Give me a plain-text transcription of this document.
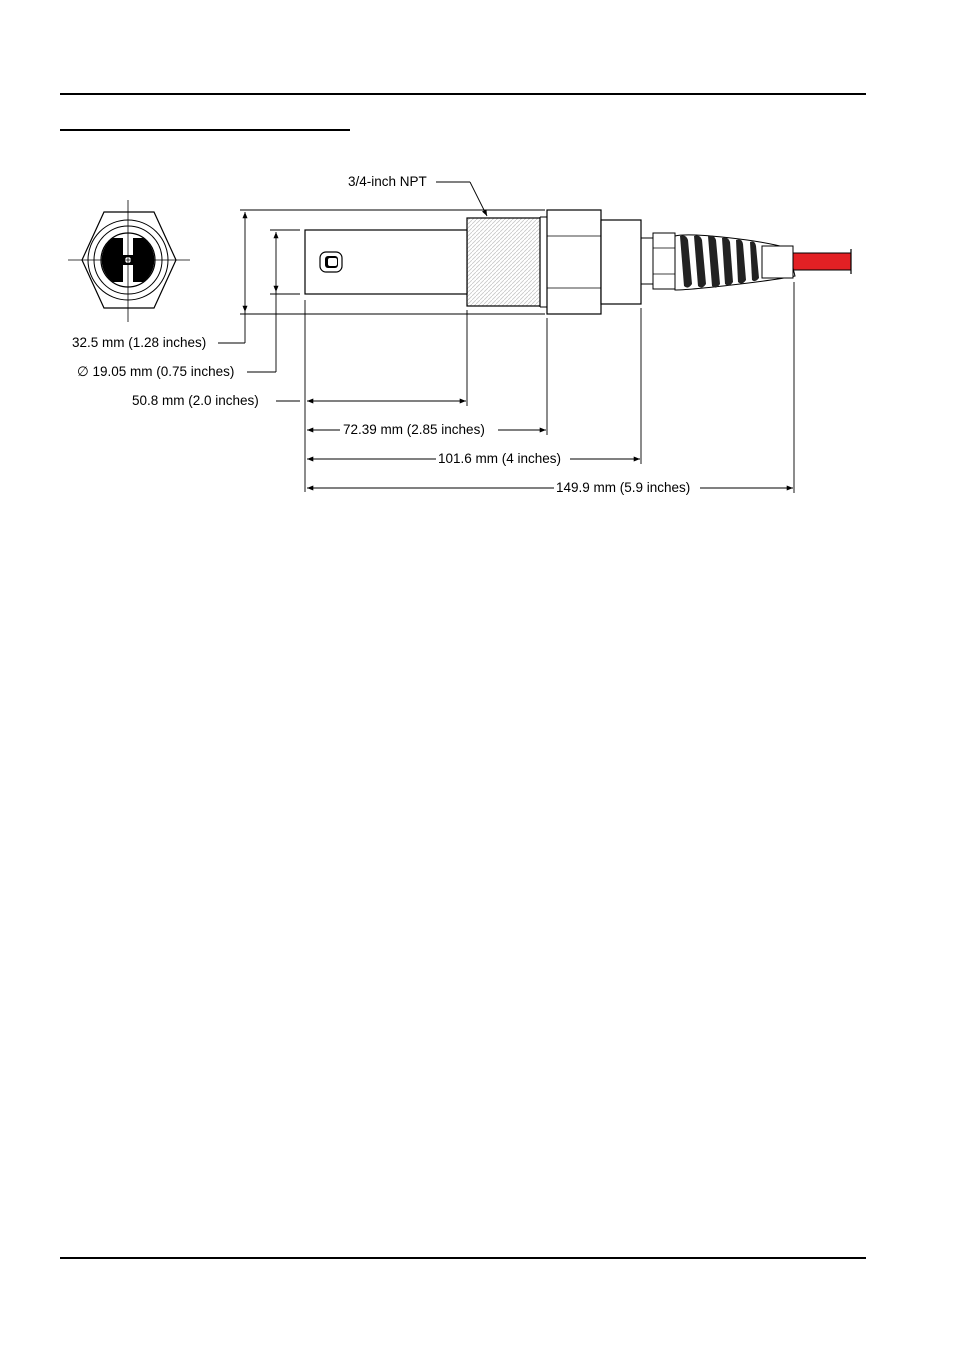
3/4-inch NPT
32.5 mm (1.28 inches)
∅ 19.05 mm (0.75 inches)
50.8 mm (2.0 inches)
72.39 mm (2.85 inches)
101.6 mm (4 inches)
149.9 mm (5.9 inches)
